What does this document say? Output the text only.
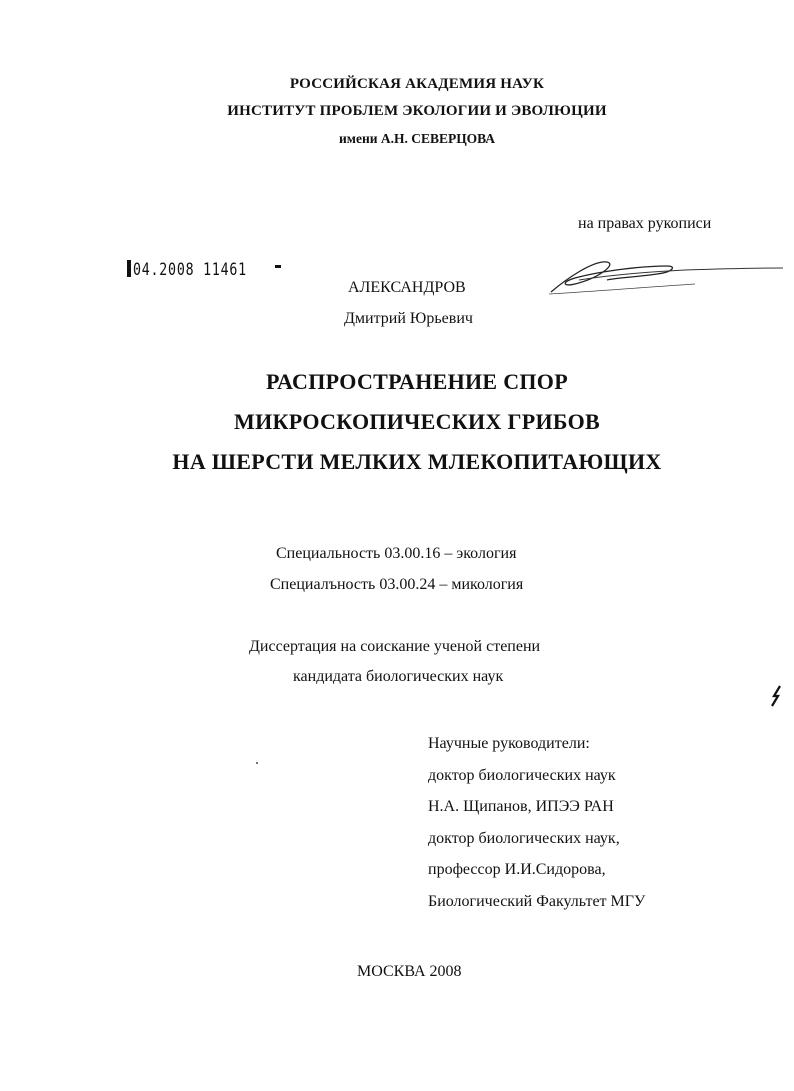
РОССИЙСКАЯ АКАДЕМИЯ НАУК
ИНСТИТУТ ПРОБЛЕМ ЭКОЛОГИИ И ЭВОЛЮЦИИ
имени А.Н. СЕВЕРЦОВА
на правах рукописи
04.2008 11461
АЛЕКСАНДРОВ
Дмитрий Юрьевич
РАСПРОСТРАНЕНИЕ СПОР
МИКРОСКОПИЧЕСКИХ ГРИБОВ
НА ШЕРСТИ МЕЛКИХ МЛЕКОПИТАЮЩИХ
Специальность 03.00.16 – экология
Специалъность 03.00.24 – микология
Диссертация на соискание ученой степени
кандидата биологических наук
Научные руководители:
доктор биологических наук
Н.А. Щипанов, ИПЭЭ РАН
доктор биологических наук,
профессор И.И.Сидорова,
Биологический Факультет МГУ
МОСКВА 2008
